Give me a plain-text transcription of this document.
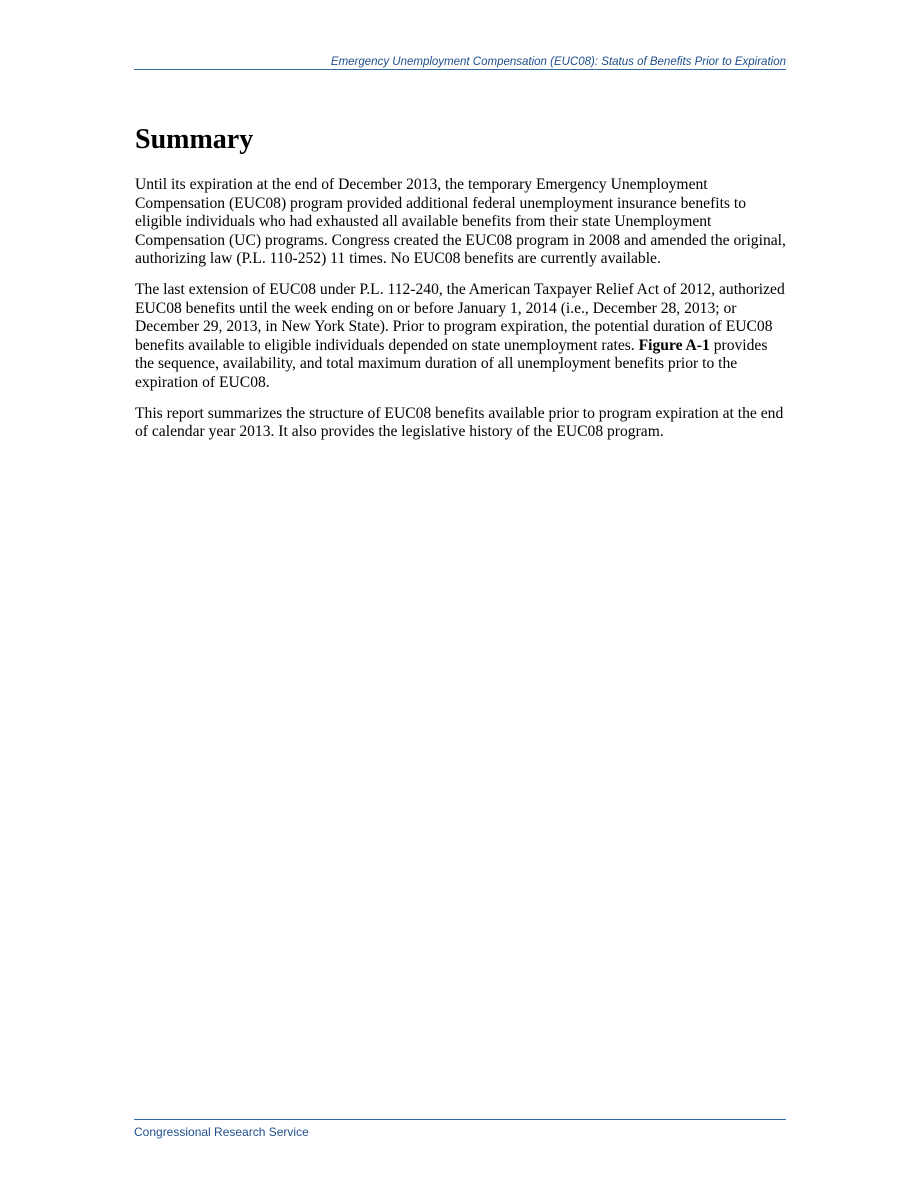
Emergency Unemployment Compensation (EUC08): Status of Benefits Prior to Expiration
Summary

Until its expiration at the end of December 2013, the temporary Emergency Unemployment Compensation (EUC08) program provided additional federal unemployment insurance benefits to eligible individuals who had exhausted all available benefits from their state Unemployment Compensation (UC) programs. Congress created the EUC08 program in 2008 and amended the original, authorizing law (P.L. 110-252) 11 times. No EUC08 benefits are currently available.

The last extension of EUC08 under P.L. 112-240, the American Taxpayer Relief Act of 2012, authorized EUC08 benefits until the week ending on or before January 1, 2014 (i.e., December 28, 2013; or December 29, 2013, in New York State). Prior to program expiration, the potential duration of EUC08 benefits available to eligible individuals depended on state unemployment rates. Figure A-1 provides the sequence, availability, and total maximum duration of all unemployment benefits prior to the expiration of EUC08.

This report summarizes the structure of EUC08 benefits available prior to program expiration at the end of calendar year 2013. It also provides the legislative history of the EUC08 program.

Congressional Research Service
